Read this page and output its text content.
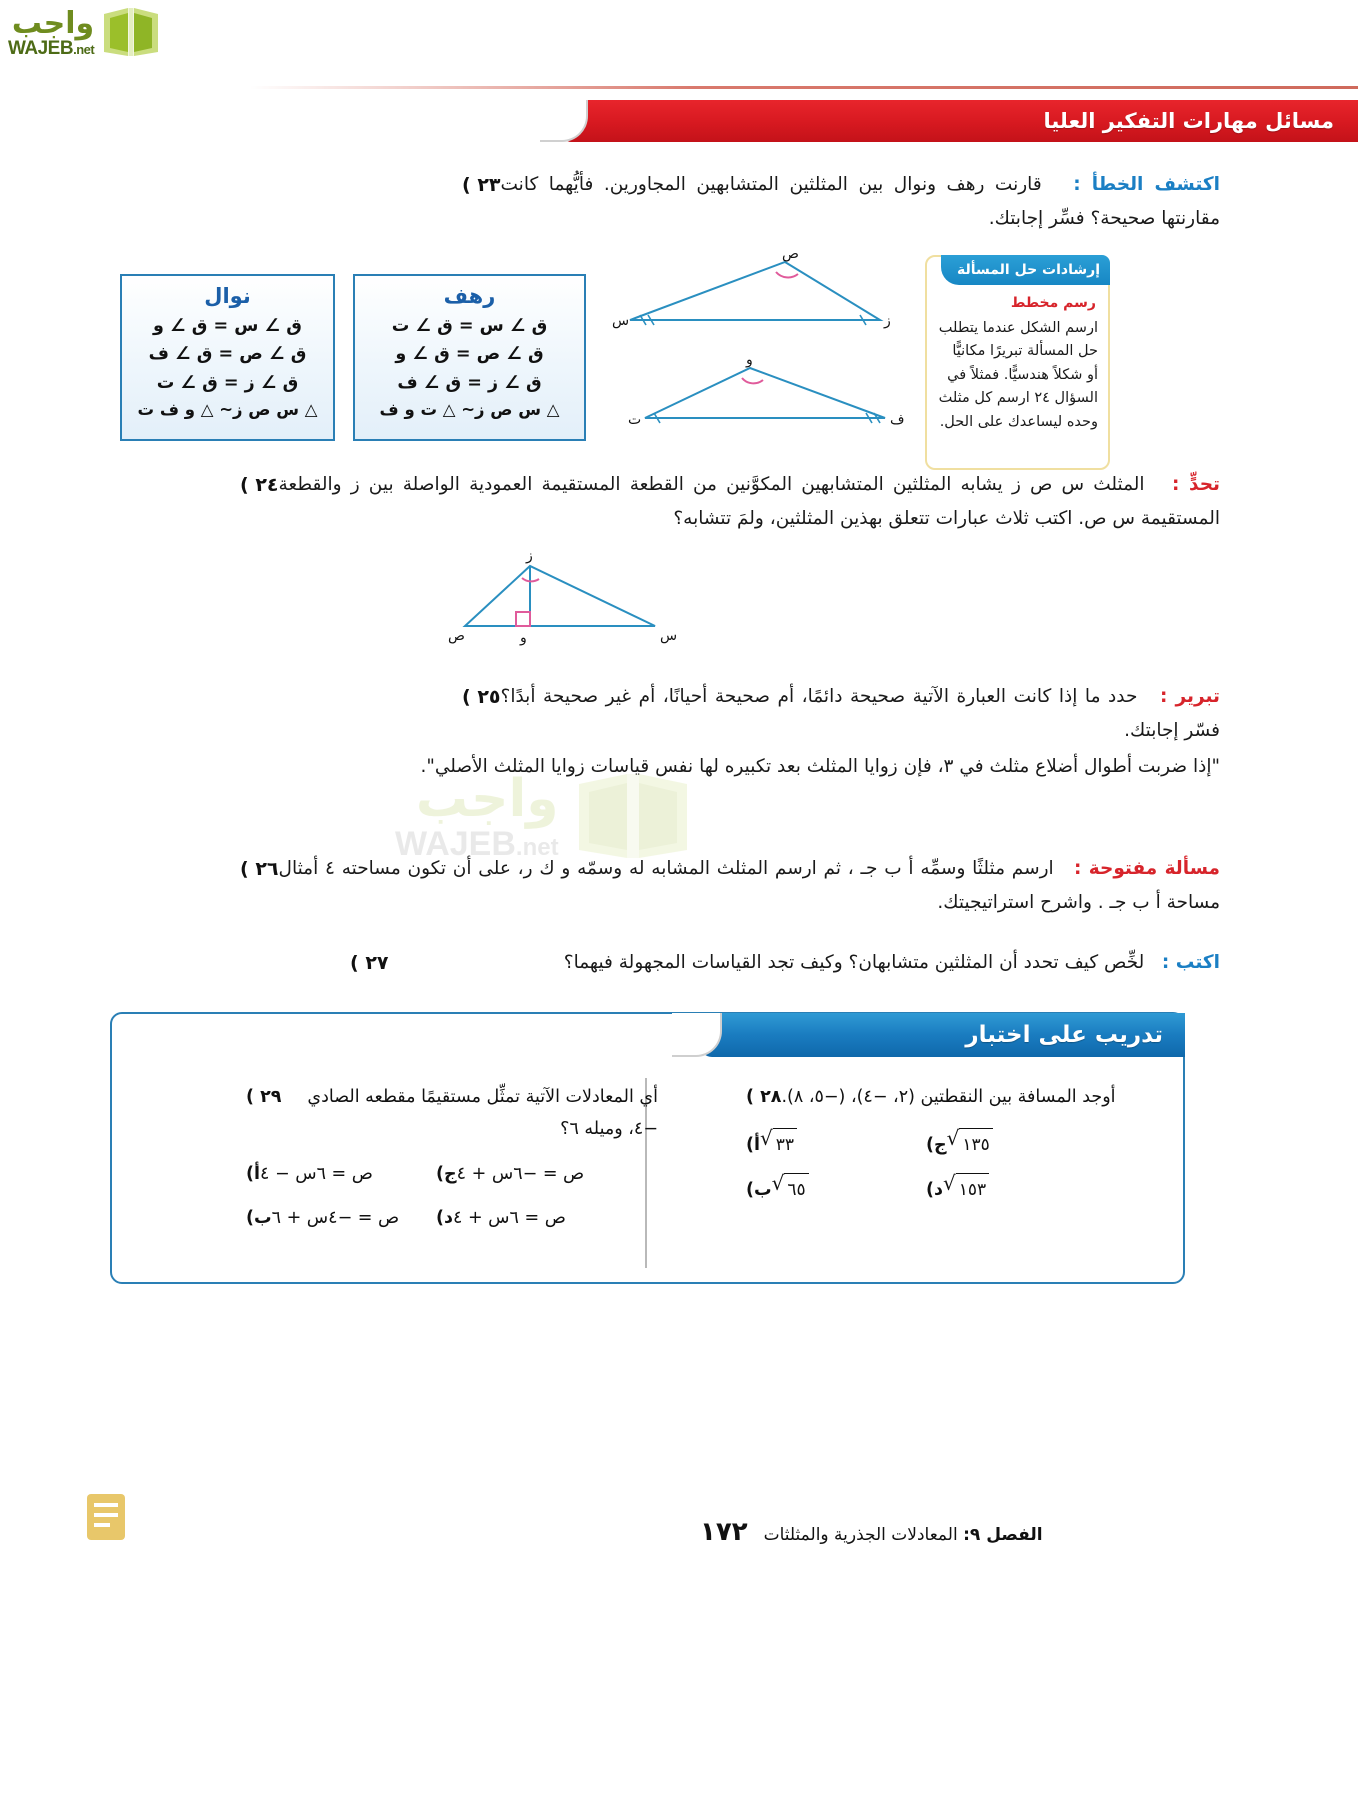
واجب
WAJEB.net
مسائل مهارات التفكير العليا
٢٣ )	اكتشف الخطأ :   قارنت رهف ونوال بين المثلثين المتشابهين المجاورين. فأيُّهما كانت مقارنتها صحيحة؟ فسِّر إجابتك.
نوال
ق ∠ س = ق ∠ و
ق ∠ ص = ق ∠ ف
ق ∠ ز = ق ∠ ت
△ س ص ز~ △ و ف ت
رهف
ق ∠ س = ق ∠ ت
ق ∠ ص = ق ∠ و
ق ∠ ز = ق ∠ ف
△ س ص ز~ △ ت و ف
ص
س	ز
و
ت	ف
إرشادات حل المسألة
رسم مخطط
ارسم الشكل عندما يتطلب حل المسألة تبريرًا مكانيًّا أو شكلاً هندسيًّا. فمثلاً في السؤال ٢٤ ارسم كل مثلث وحده ليساعدك على الحل.
٢٤ )	تحدٍّ :   المثلث س ص ز يشابه المثلثين المتشابهين المكوَّنين من القطعة المستقيمة العمودية الواصلة بين ز والقطعة المستقيمة س ص. اكتب ثلاث عبارات تتعلق بهذين المثلثين، ولمَ تتشابه؟
ز
ص	و	س
٢٥ )	تبرير :   حدد ما إذا كانت العبارة الآتية صحيحة دائمًا، أم صحيحة أحيانًا، أم غير صحيحة أبدًا؟ فسّر إجابتك.
"إذا ضربت أطوال أضلاع مثلث في ٣، فإن زوايا المثلث بعد تكبيره لها نفس قياسات زوايا المثلث الأصلي".
واجب
WAJEB.net
٢٦ )	مسألة مفتوحة :   ارسم مثلثًا وسمِّه أ ب جـ ، ثم ارسم المثلث المشابه له وسمّه و ك ر، على أن تكون مساحته ٤ أمثال مساحة أ ب جـ . واشرح استراتيجيتك.
٢٧ )	اكتب :   لخِّص كيف تحدد أن المثلثين متشابهان؟ وكيف تجد القياسات المجهولة فيهما؟
تدريب على اختبار
٢٨ ) أوجد المسافة بين النقطتين (٢، −٤)، (−٥، ٨).
أ) √ ٣٣	ج) √ ١٣٥
ب) √ ٦٥	د) √ ١٥٣
٢٩ )	أي المعادلات الآتية تمثِّل مستقيمًا مقطعه الصادي −٤، وميله ٦؟
أ) ص = ٦س − ٤	ج) ص = −٦س + ٤
ب) ص = −٤س + ٦ د) ص = ٦س + ٤
١٧٢	الفصل ٩: المعادلات الجذرية والمثلثات
